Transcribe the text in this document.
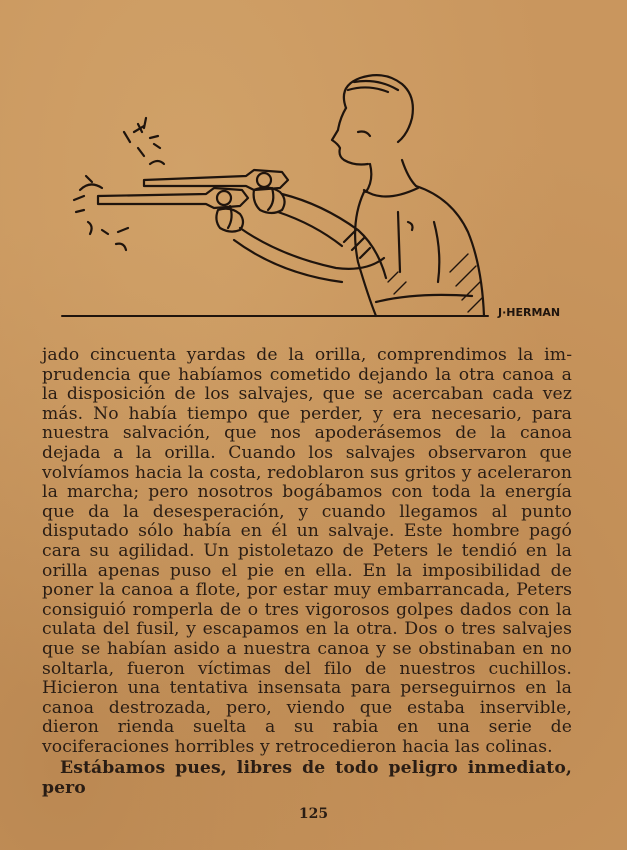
J·HERMAN

jado cincuenta yardas de la orilla, comprendimos la imprudencia que habíamos cometido dejando la otra canoa a la disposición de los salvajes, que se acercaban cada vez más. No había tiempo que perder, y era necesario, para nuestra salvación, que nos apoderásemos de la canoa dejada a la orilla. Cuando los salvajes observaron que volvíamos hacia la costa, redoblaron sus gritos y aceleraron la marcha; pero nosotros bogábamos con toda la energía que da la desesperación, y cuando llegamos al punto disputado sólo había en él un salvaje. Este hombre pagó cara su agilidad. Un pistoletazo de Peters le tendió en la orilla apenas puso el pie en ella. En la imposibilidad de poner la canoa a flote, por estar muy embarrancada, Peters consiguió romperla de o tres vigorosos golpes dados con la culata del fusil, y escapamos en la otra. Dos o tres salvajes que se habían asido a nuestra canoa y se obstinaban en no soltarla, fueron víctimas del filo de nuestros cuchillos. Hicieron una tentativa insensata para perseguirnos en la canoa destrozada, pero, viendo que estaba inservible, dieron rienda suelta a su rabia en una serie de vociferaciones horribles y retrocedieron hacia las colinas.

Estábamos pues, libres de todo peligro inmediato, pero

125
